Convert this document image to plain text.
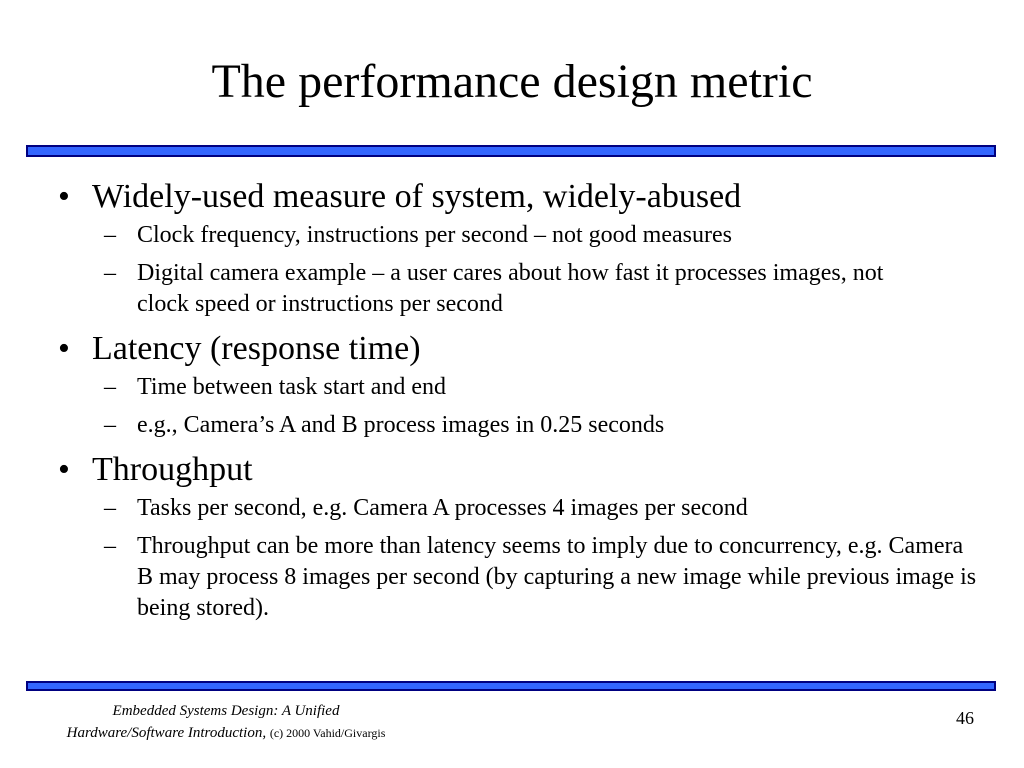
The performance design metric
• Widely-used measure of system, widely-abused
– Clock frequency, instructions per second – not good measures
– Digital camera example – a user cares about how fast it processes images, not clock speed or instructions per second
• Latency (response time)
– Time between task start and end
– e.g., Camera’s A and B process images in 0.25 seconds
• Throughput
– Tasks per second, e.g. Camera A processes 4 images per second
– Throughput can be more than latency seems to imply due to concurrency, e.g. Camera B may process 8 images per second (by capturing a new image while previous image is being stored).
Embedded Systems Design: A Unified
Hardware/Software Introduction, (c) 2000 Vahid/Givargis
46
